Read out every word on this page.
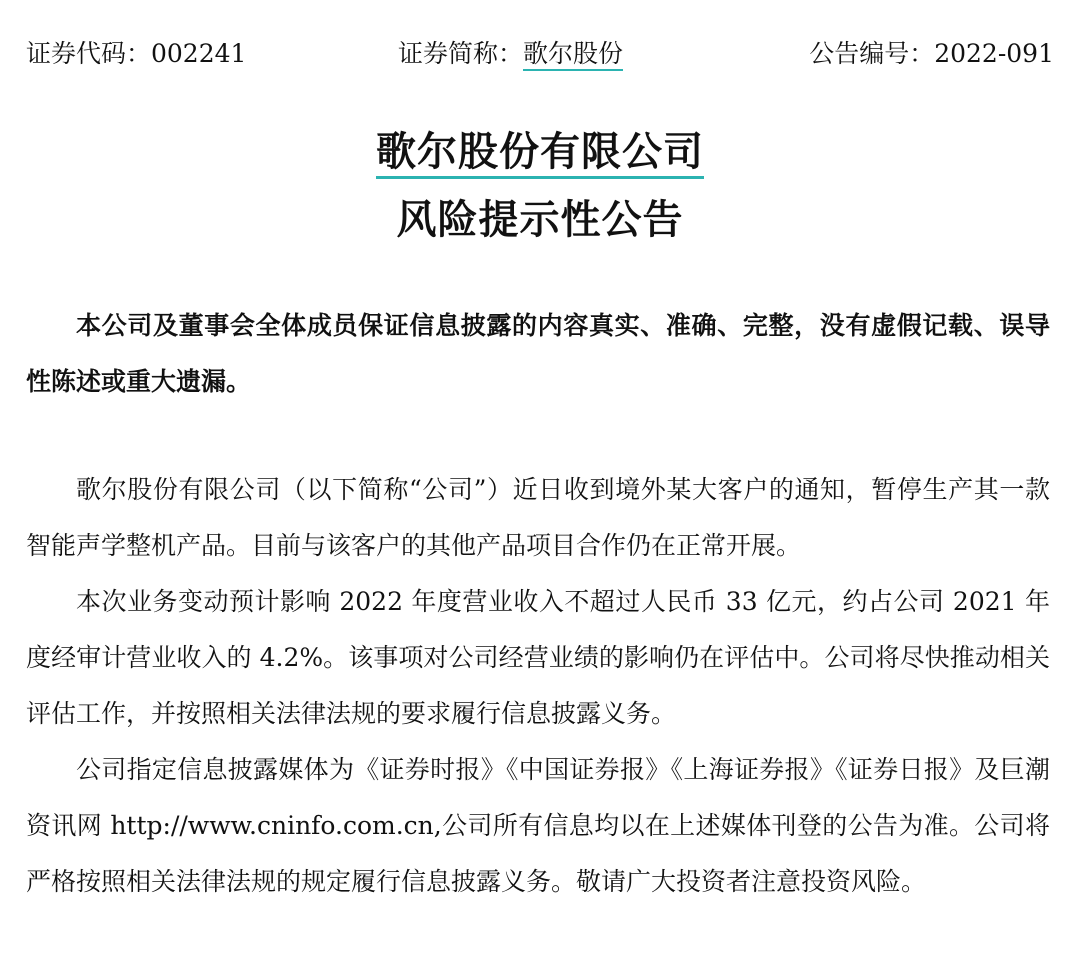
证券代码：002241	证券简称：歌尔股份	公告编号：2022-091
歌尔股份有限公司
风险提示性公告

本公司及董事会全体成员保证信息披露的内容真实、准确、完整，没有虚假记载、误导性陈述或重大遗漏。

歌尔股份有限公司（以下简称“公司”）近日收到境外某大客户的通知，暂停生产其一款智能声学整机产品。目前与该客户的其他产品项目合作仍在正常开展。

本次业务变动预计影响 2022 年度营业收入不超过人民币 33 亿元，约占公司 2021 年度经审计营业收入的 4.2%。该事项对公司经营业绩的影响仍在评估中。公司将尽快推动相关评估工作，并按照相关法律法规的要求履行信息披露义务。

公司指定信息披露媒体为《证券时报》《中国证券报》《上海证券报》《证券日报》及巨潮资讯网 http://www.cninfo.com.cn,公司所有信息均以在上述媒体刊登的公告为准。公司将严格按照相关法律法规的规定履行信息披露义务。敬请广大投资者注意投资风险。
